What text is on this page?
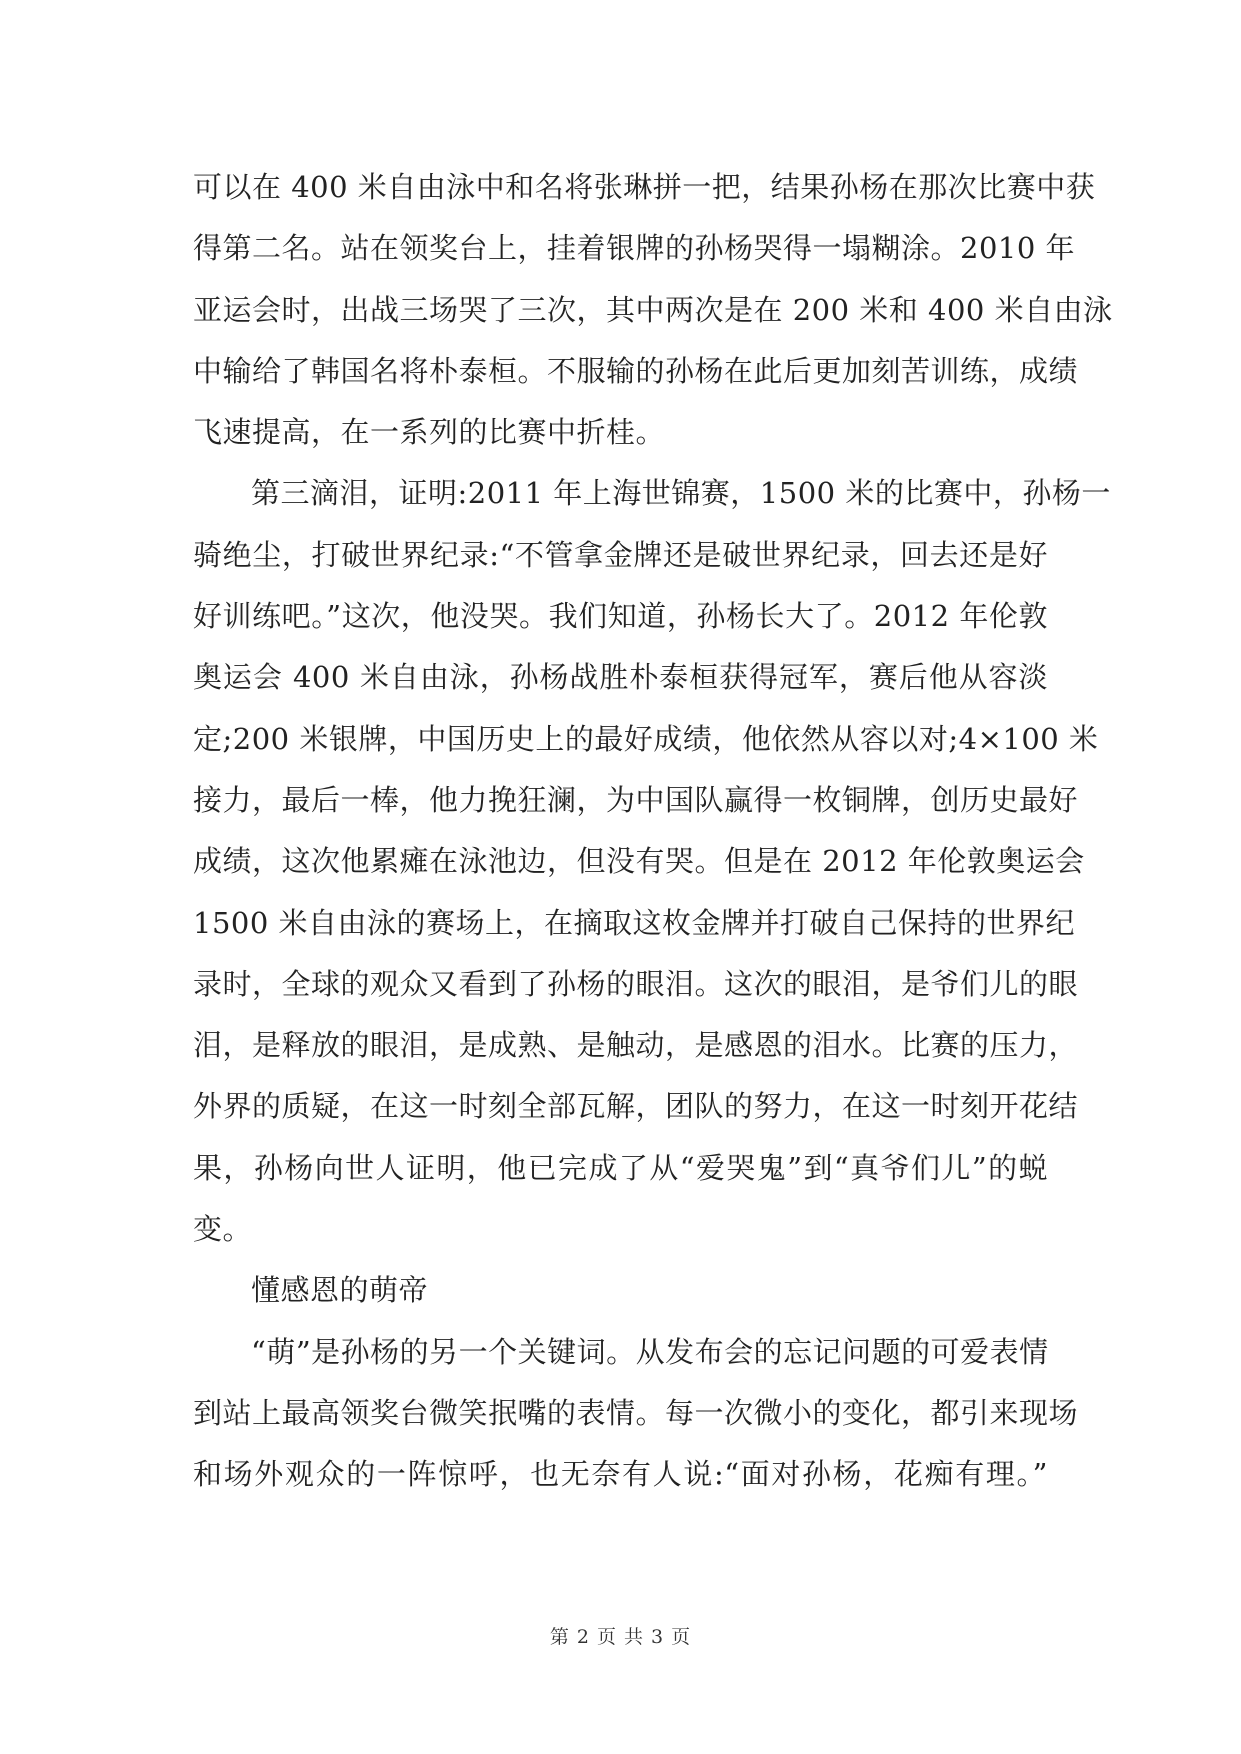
可以在 400 米自由泳中和名将张琳拼一把，结果孙杨在那次比赛中获
得第二名。站在领奖台上，挂着银牌的孙杨哭得一塌糊涂。2010 年
亚运会时，出战三场哭了三次，其中两次是在 200 米和 400 米自由泳
中输给了韩国名将朴泰桓。不服输的孙杨在此后更加刻苦训练，成绩
飞速提高，在一系列的比赛中折桂。
第三滴泪，证明:2011 年上海世锦赛，1500 米的比赛中，孙杨一
骑绝尘，打破世界纪录:“不管拿金牌还是破世界纪录，回去还是好
好训练吧。”这次，他没哭。我们知道，孙杨长大了。2012 年伦敦
奥运会 400 米自由泳，孙杨战胜朴泰桓获得冠军，赛后他从容淡
定;200 米银牌，中国历史上的最好成绩，他依然从容以对;4×100 米
接力，最后一棒，他力挽狂澜，为中国队赢得一枚铜牌，创历史最好
成绩，这次他累瘫在泳池边，但没有哭。但是在 2012 年伦敦奥运会
1500 米自由泳的赛场上，在摘取这枚金牌并打破自己保持的世界纪
录时，全球的观众又看到了孙杨的眼泪。这次的眼泪，是爷们儿的眼
泪，是释放的眼泪，是成熟、是触动，是感恩的泪水。比赛的压力，
外界的质疑，在这一时刻全部瓦解，团队的努力，在这一时刻开花结
果，孙杨向世人证明，他已完成了从“爱哭鬼”到“真爷们儿”的蜕
变。
懂感恩的萌帝
“萌”是孙杨的另一个关键词。从发布会的忘记问题的可爱表情
到站上最高领奖台微笑抿嘴的表情。每一次微小的变化，都引来现场
和场外观众的一阵惊呼，也无奈有人说:“面对孙杨，花痴有理。”
第 2 页 共 3 页
